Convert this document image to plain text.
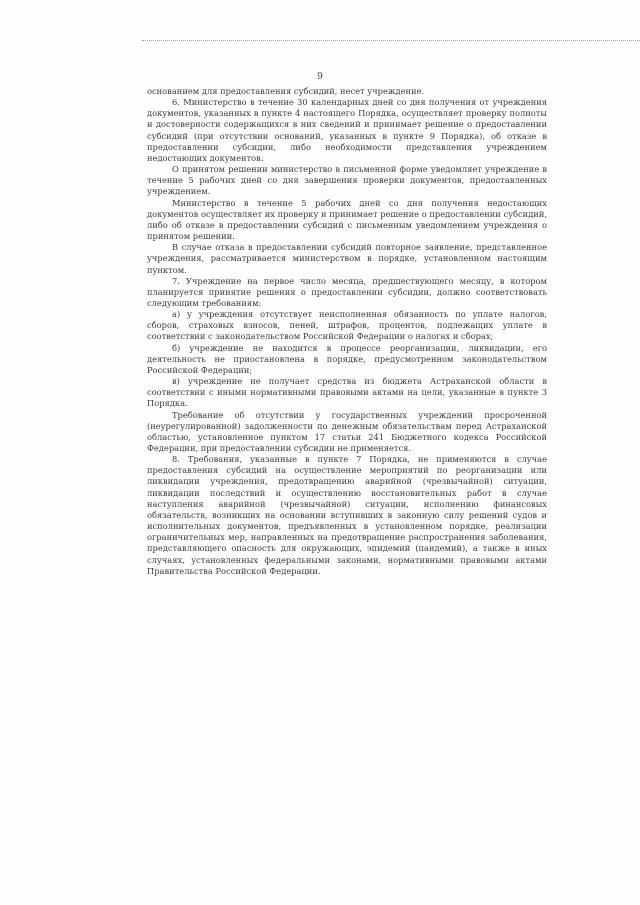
9

основанием для предоставления субсидий, несет учреждение.

6. Министерство в течение 30 календарных дней со дня получения от учреждения документов, указанных в пункте 4 настоящего Порядка, осуществляет проверку полноты и достоверности содержащихся в них сведений и принимает решение о предоставлении субсидий (при отсутствии оснований, указанных в пункте 9 Порядка), об отказе в предоставлении субсидии, либо необходимости представления учреждением недостающих документов.

О принятом решении министерство в письменной форме уведомляет учреждение в течение 5 рабочих дней со дня завершения проверки документов, предоставленных учреждением.

Министерство в течение 5 рабочих дней со дня получения недостающих документов осуществляет их проверку и принимает решение о предоставлении субсидий, либо об отказе в предоставлении субсидий с письменным уведомлением учреждения о принятом решении.

В случае отказа в предоставлении субсидий повторное заявление, представленное учреждения, рассматривается министерством в порядке, установленном настоящим пунктом.

7. Учреждение на первое число месяца, предшествующего месяцу, в котором планируется принятие решения о предоставлении субсидии, должно соответствовать следующим требованиям:

а) у учреждения отсутствует неисполненная обязанность по уплате налогов, сборов, страховых взносов, пеней, штрафов, процентов, подлежащих уплате в соответствии с законодательством Российской Федерации о налогах и сборах;

б) учреждение не находится в процессе реорганизации, ликвидации, его деятельность не приостановлена в порядке, предусмотренном законодательством Российской Федерации;

в) учреждение не получает средства из бюджета Астраханской области в соответствии с иными нормативными правовыми актами на цели, указанные в пункте 3 Порядка.

Требование об отсутствии у государственных учреждений просроченной (неурегулированной) задолженности по денежным обязательствам перед Астраханской областью, установленное пунктом 17 статьи 241 Бюджетного кодекса Российской Федерации, при предоставлении субсидии не применяется.

8. Требования, указанные в пункте 7 Порядка, не применяются в случае предоставления субсидий на осуществление мероприятий по реорганизации или ликвидации учреждения, предотвращению аварийной (чрезвычайной) ситуации, ликвидации последствий и осуществлению восстановительных работ в случае наступления аварийной (чрезвычайной) ситуации, исполнению финансовых обязательств, возникших на основании вступивших в законную силу решений судов и исполнительных документов, предъявленных в установленном порядке, реализации ограничительных мер, направленных на предотвращение распространения заболевания, представляющего опасность для окружающих, эпидемий (пандемий), а также в иных случаях, установленных федеральными законами, нормативными правовыми актами Правительства Российской Федерации.
